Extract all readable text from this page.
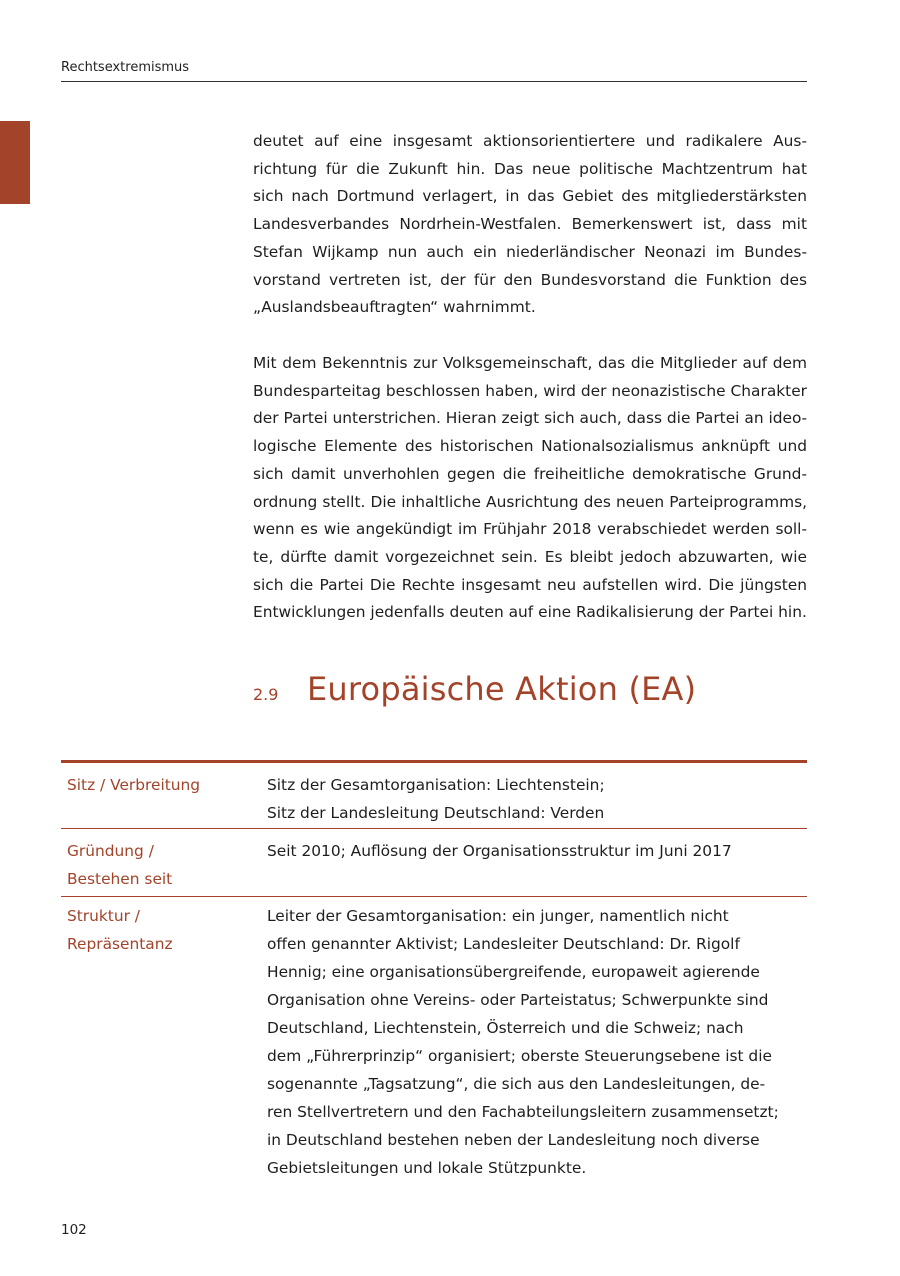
Rechtsextremismus

deutet auf eine insgesamt aktionsorientiertere und radikalere Ausrichtung für die Zukunft hin. Das neue politische Machtzentrum hat sich nach Dortmund verlagert, in das Gebiet des mitgliederstärksten Landesverbandes Nordrhein-Westfalen. Bemerkenswert ist, dass mit Stefan Wijkamp nun auch ein niederländischer Neonazi im Bundesvorstand vertreten ist, der für den Bundesvorstand die Funktion des „Auslandsbeauftragten“ wahrnimmt.

Mit dem Bekenntnis zur Volksgemeinschaft, das die Mitglieder auf dem Bundesparteitag beschlossen haben, wird der neonazistische Charakter der Partei unterstrichen. Hieran zeigt sich auch, dass die Partei an ideologische Elemente des historischen Nationalsozialismus anknüpft und sich damit unverhohlen gegen die freiheitliche demokratische Grundordnung stellt. Die inhaltliche Ausrichtung des neuen Parteiprogramms, wenn es wie angekündigt im Frühjahr 2018 verabschiedet werden sollte, dürfte damit vorgezeichnet sein. Es bleibt jedoch abzuwarten, wie sich die Partei Die Rechte insgesamt neu aufstellen wird. Die jüngsten Entwicklungen jedenfalls deuten auf eine Radikalisierung der Partei hin.

2.9 Europäische Aktion (EA)
Sitz / Verbreitung	Sitz der Gesamtorganisation: Liechtenstein;
Sitz der Landesleitung Deutschland: Verden
Gründung /
Bestehen seit
Seit 2010; Auflösung der Organisationsstruktur im Juni 2017
Struktur /
Repräsentanz
Leiter der Gesamtorganisation: ein junger, namentlich nicht
offen genannter Aktivist; Landesleiter Deutschland: Dr. Rigolf
Hennig; eine organisationsübergreifende, europaweit agierende
Organisation ohne Vereins- oder Parteistatus; Schwerpunkte sind
Deutschland, Liechtenstein, Österreich und die Schweiz; nach
dem „Führerprinzip“ organisiert; oberste Steuerungsebene ist die
sogenannte „Tagsatzung“, die sich aus den Landesleitungen, de-
ren Stellvertretern und den Fachabteilungsleitern zusammensetzt;
in Deutschland bestehen neben der Landesleitung noch diverse
Gebietsleitungen und lokale Stützpunkte.
102
